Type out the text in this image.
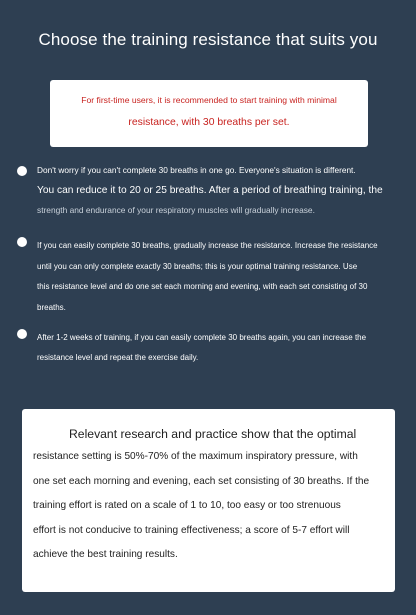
Choose the training resistance that suits you
For first-time users, it is recommended to start training with minimal
resistance, with 30 breaths per set.

Don't worry if you can't complete 30 breaths in one go. Everyone's situation is different.
You can reduce it to 20 or 25 breaths. After a period of breathing training, the
strength and endurance of your respiratory muscles will gradually increase.

If you can easily complete 30 breaths, gradually increase the resistance. Increase the resistance
until you can only complete exactly 30 breaths; this is your optimal training resistance. Use
this resistance level and do one set each morning and evening, with each set consisting of 30
breaths.

After 1-2 weeks of training, if you can easily complete 30 breaths again, you can increase the
resistance level and repeat the exercise daily.

Relevant research and practice show that the optimal
resistance setting is 50%-70% of the maximum inspiratory pressure, with
one set each morning and evening, each set consisting of 30 breaths. If the
training effort is rated on a scale of 1 to 10, too easy or too strenuous
effort is not conducive to training effectiveness; a score of 5-7 effort will
achieve the best training results.
